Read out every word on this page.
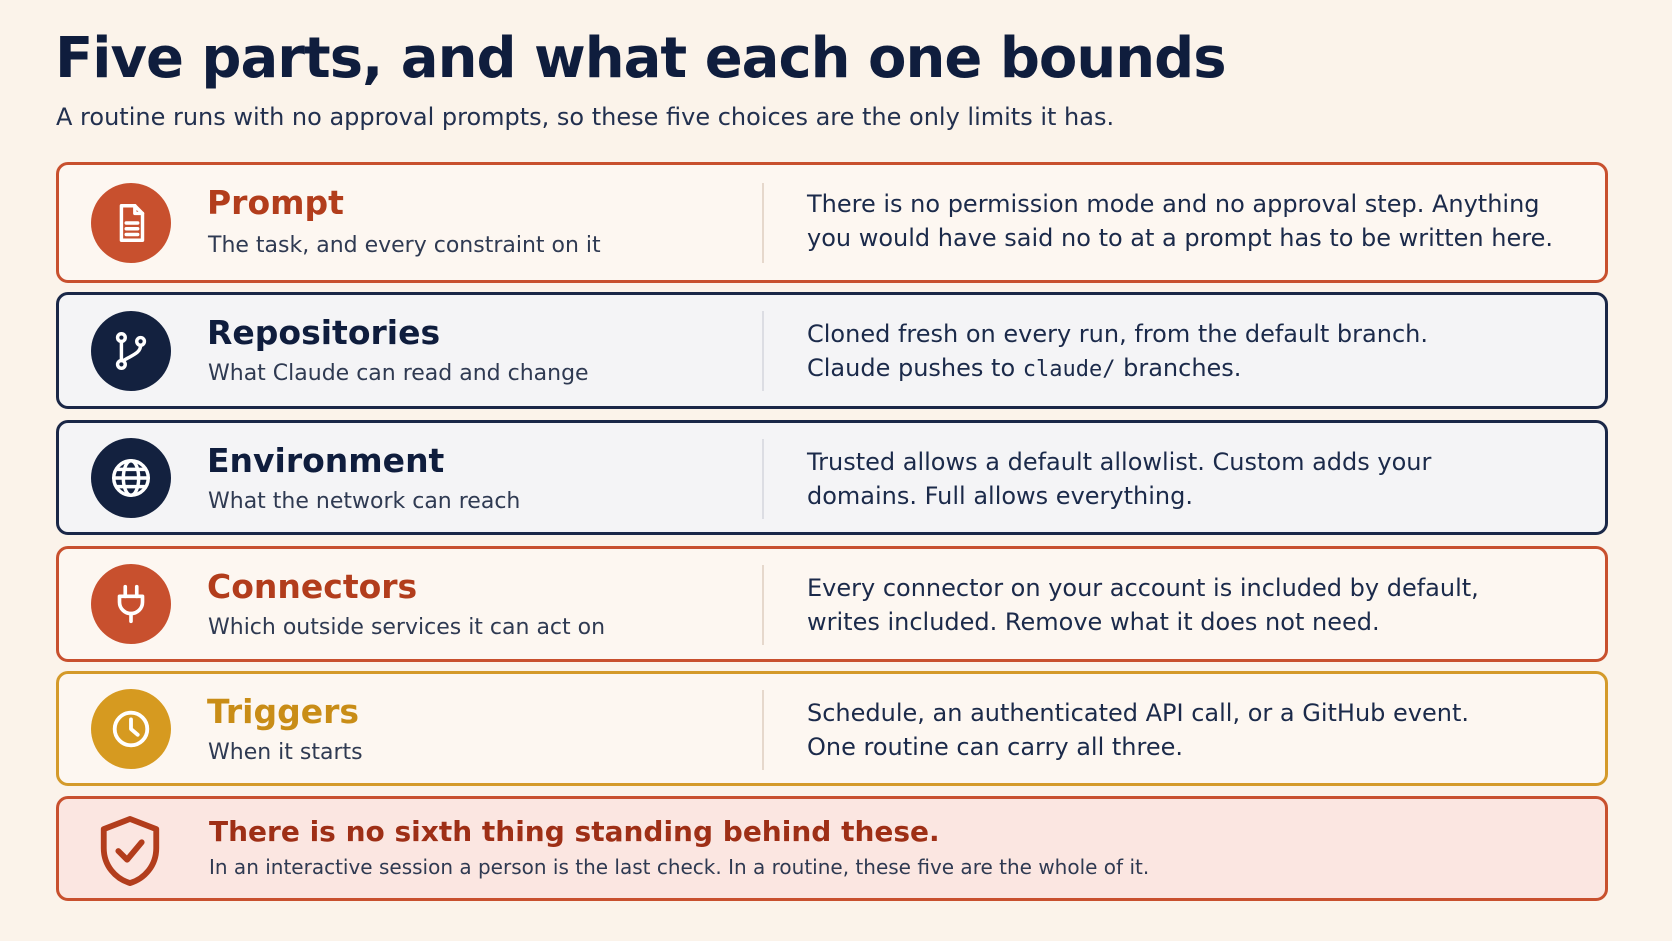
Five parts, and what each one bounds

A routine runs with no approval prompts, so these five choices are the only limits it has.

Prompt
The task, and every constraint on it
There is no permission mode and no approval step. Anything
you would have said no to at a prompt has to be written here.
Repositories
What Claude can read and change
Cloned fresh on every run, from the default branch.
Claude pushes to claude/ branches.
Environment
What the network can reach
Trusted allows a default allowlist. Custom adds your
domains. Full allows everything.
Connectors
Which outside services it can act on
Every connector on your account is included by default,
writes included. Remove what it does not need.
Triggers
When it starts
Schedule, an authenticated API call, or a GitHub event.
One routine can carry all three.
There is no sixth thing standing behind these.
In an interactive session a person is the last check. In a routine, these five are the whole of it.
